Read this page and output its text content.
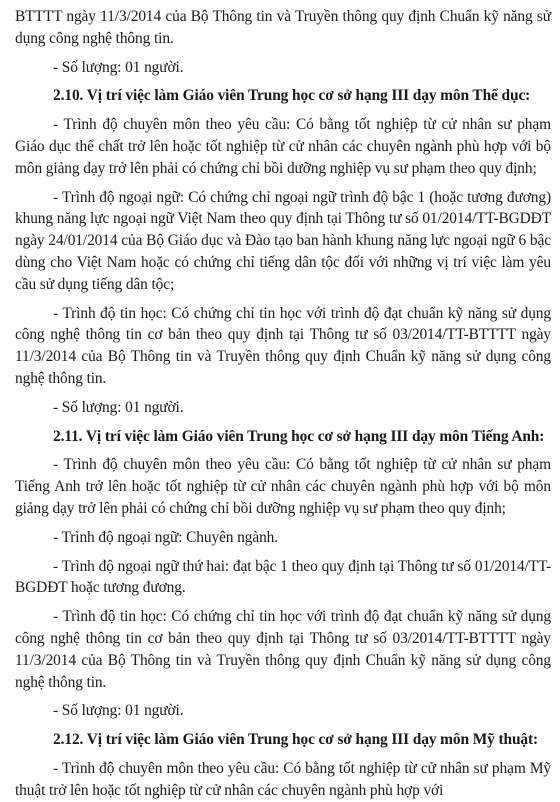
BTTTT ngày 11/3/2014 của Bộ Thông tin và Truyền thông quy định Chuẩn kỹ năng sử dụng công nghệ thông tin.

- Số lượng: 01 người.

2.10. Vị trí việc làm Giáo viên Trung học cơ sở hạng III dạy môn Thể dục:

- Trình độ chuyên môn theo yêu cầu: Có bằng tốt nghiệp từ cử nhân sư phạm Giáo dục thể chất trở lên hoặc tốt nghiệp từ cử nhân các chuyên ngành phù hợp với bộ môn giảng dạy trở lên phải có chứng chỉ bồi dưỡng nghiệp vụ sư phạm theo quy định;

- Trình độ ngoại ngữ: Có chứng chỉ ngoại ngữ trình độ bậc 1 (hoặc tương đương) khung năng lực ngoại ngữ Việt Nam theo quy định tại Thông tư số 01/2014/TT-BGDĐT ngày 24/01/2014 của Bộ Giáo dục và Đào tạo ban hành khung năng lực ngoại ngữ 6 bậc dùng cho Việt Nam hoặc có chứng chỉ tiếng dân tộc đối với những vị trí việc làm yêu cầu sử dụng tiếng dân tộc;

- Trình độ tin học: Có chứng chỉ tin học với trình độ đạt chuẩn kỹ năng sử dụng công nghệ thông tin cơ bản theo quy định tại Thông tư số 03/2014/TT-BTTTT ngày 11/3/2014 của Bộ Thông tin và Truyền thông quy định Chuẩn kỹ năng sử dụng công nghệ thông tin.

- Số lượng: 01 người.

2.11. Vị trí việc làm Giáo viên Trung học cơ sở hạng III dạy môn Tiếng Anh:

- Trình độ chuyên môn theo yêu cầu: Có bằng tốt nghiệp từ cử nhân sư phạm Tiếng Anh trở lên hoặc tốt nghiệp từ cử nhân các chuyên ngành phù hợp với bộ môn giảng dạy trở lên phải có chứng chỉ bồi dưỡng nghiệp vụ sư phạm theo quy định;

- Trình độ ngoại ngữ: Chuyên ngành.

- Trình độ ngoại ngữ thứ hai: đạt bậc 1 theo quy định tại Thông tư số 01/2014/TT-BGDĐT hoặc tương đương.

- Trình độ tin học: Có chứng chỉ tin học với trình độ đạt chuẩn kỹ năng sử dụng công nghệ thông tin cơ bản theo quy định tại Thông tư số 03/2014/TT-BTTTT ngày 11/3/2014 của Bộ Thông tin và Truyền thông quy định Chuẩn kỹ năng sử dụng công nghệ thông tin.

- Số lượng: 01 người.

2.12. Vị trí việc làm Giáo viên Trung học cơ sở hạng III dạy môn Mỹ thuật:

- Trình độ chuyên môn theo yêu cầu: Có bằng tốt nghiệp từ cử nhân sư phạm Mỹ thuật trở lên hoặc tốt nghiệp từ cử nhân các chuyên ngành phù hợp với
